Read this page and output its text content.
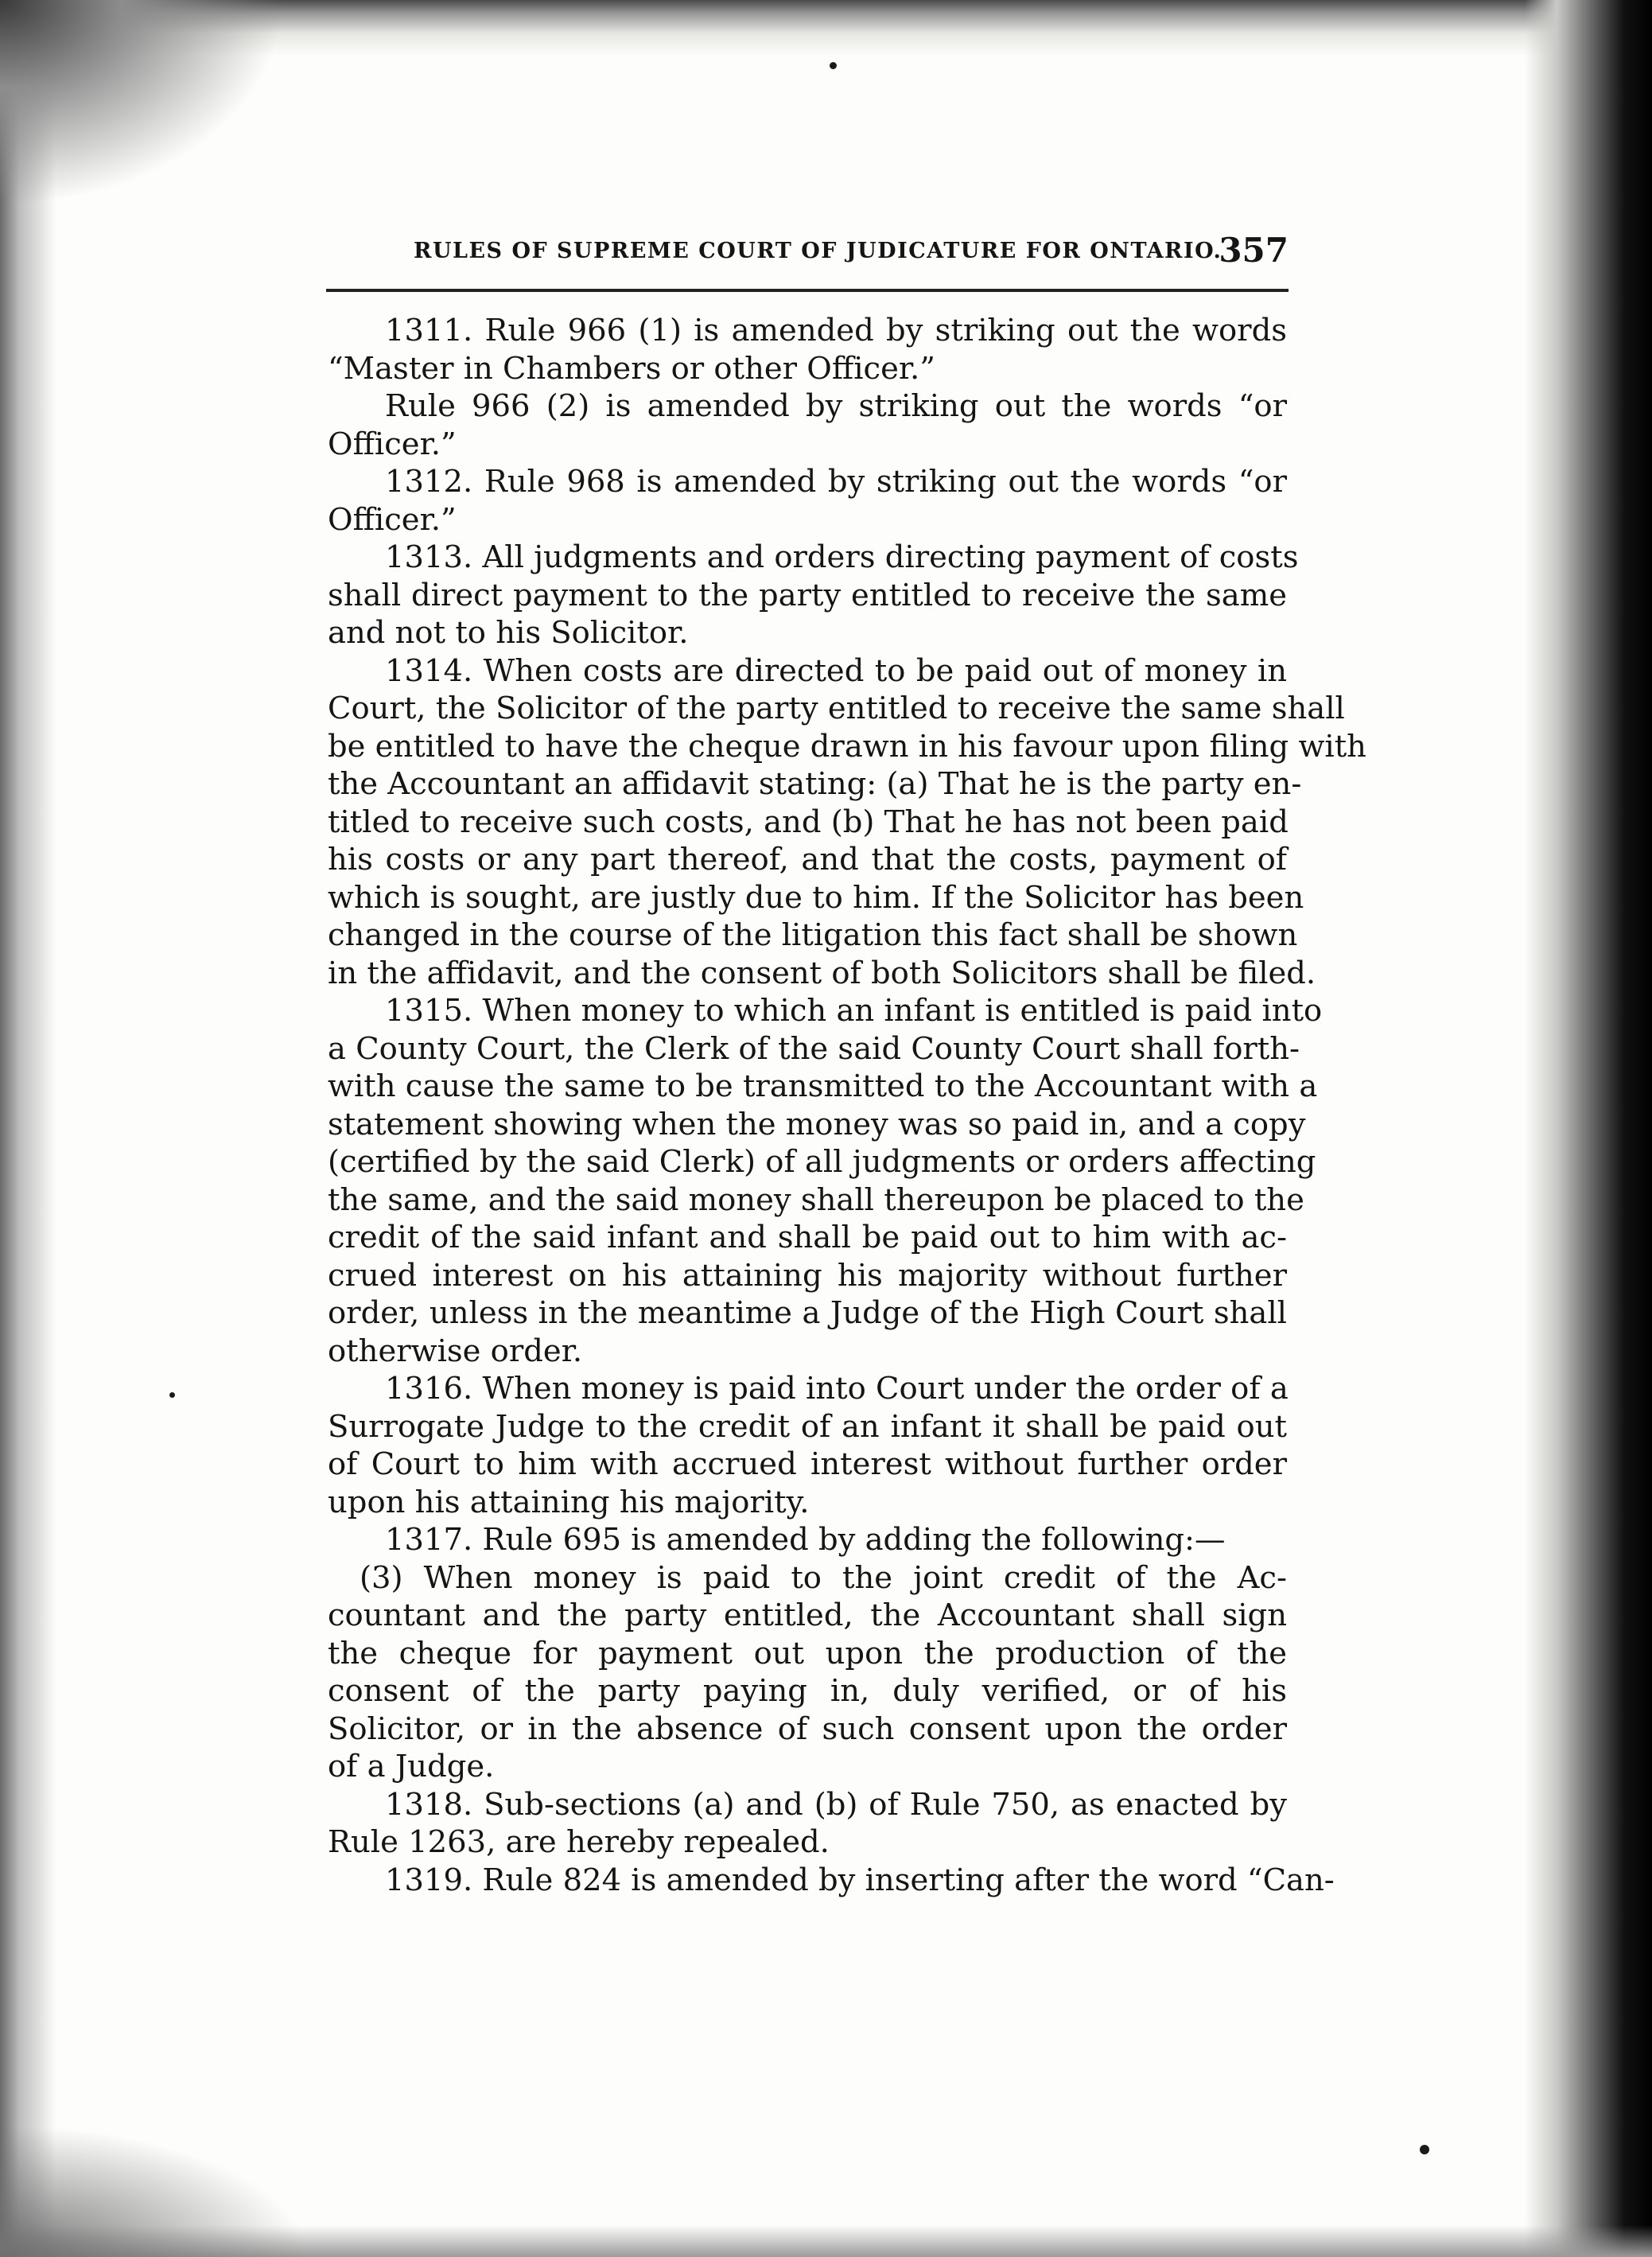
RULES OF SUPREME COURT OF JUDICATURE FOR ONTARIO.
357

1311. Rule 966 (1) is amended by striking out the words
“Master in Chambers or other Officer.”

Rule 966 (2) is amended by striking out the words “or
Officer.”

1312. Rule 968 is amended by striking out the words “or
Officer.”

1313. All judgments and orders directing payment of costs
shall direct payment to the party entitled to receive the same
and not to his Solicitor.

1314. When costs are directed to be paid out of money in
Court, the Solicitor of the party entitled to receive the same shall
be entitled to have the cheque drawn in his favour upon filing with
the Accountant an affidavit stating: (a) That he is the party en-
titled to receive such costs, and (b) That he has not been paid
his costs or any part thereof, and that the costs, payment of
which is sought, are justly due to him. If the Solicitor has been
changed in the course of the litigation this fact shall be shown
in the affidavit, and the consent of both Solicitors shall be filed.

1315. When money to which an infant is entitled is paid into
a County Court, the Clerk of the said County Court shall forth-
with cause the same to be transmitted to the Accountant with a
statement showing when the money was so paid in, and a copy
(certified by the said Clerk) of all judgments or orders affecting
the same, and the said money shall thereupon be placed to the
credit of the said infant and shall be paid out to him with ac-
crued interest on his attaining his majority without further
order, unless in the meantime a Judge of the High Court shall
otherwise order.

1316. When money is paid into Court under the order of a
Surrogate Judge to the credit of an infant it shall be paid out
of Court to him with accrued interest without further order
upon his attaining his majority.

1317. Rule 695 is amended by adding the following:—

(3) When money is paid to the joint credit of the Ac-
countant and the party entitled, the Accountant shall sign
the cheque for payment out upon the production of the
consent of the party paying in, duly verified, or of his
Solicitor, or in the absence of such consent upon the order
of a Judge.

1318. Sub-sections (a) and (b) of Rule 750, as enacted by
Rule 1263, are hereby repealed.

1319. Rule 824 is amended by inserting after the word “Can-
